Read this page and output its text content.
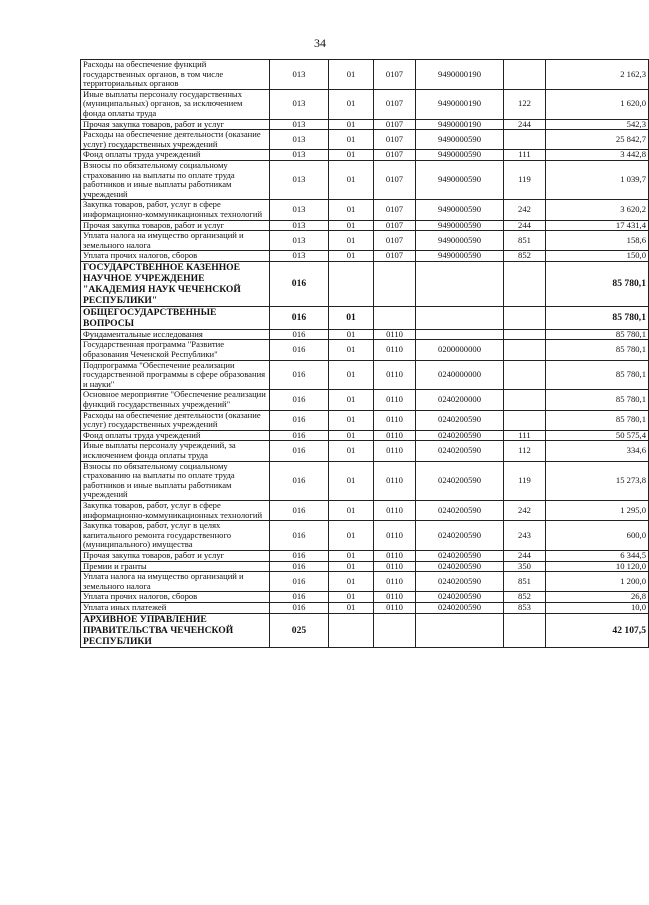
34
Расходы на обеспечение функций государственных органов, в том числе территориальных органов	013	01	0107	9490000190		2 162,3
Иные выплаты персоналу государственных (муниципальных) органов, за исключением фонда оплаты труда	013	01	0107	9490000190	122	1 620,0
Прочая закупка товаров, работ и услуг	013	01	0107	9490000190	244	542,3
Расходы на обеспечение деятельности (оказание услуг) государственных учреждений	013	01	0107	9490000590		25 842,7
Фонд оплаты труда учреждений	013	01	0107	9490000590	111	3 442,8
Взносы по обязательному социальному страхованию на выплаты по оплате труда работников и иные выплаты работникам учреждений	013	01	0107	9490000590	119	1 039,7
Закупка товаров, работ, услуг в сфере информационно-коммуникационных технологий	013	01	0107	9490000590	242	3 620,2
Прочая закупка товаров, работ и услуг	013	01	0107	9490000590	244	17 431,4
Уплата налога на имущество организаций и земельного налога	013	01	0107	9490000590	851	158,6
Уплата прочих налогов, сборов	013	01	0107	9490000590	852	150,0
ГОСУДАРСТВЕННОЕ КАЗЕННОЕ НАУЧНОЕ УЧРЕЖДЕНИЕ "АКАДЕМИЯ НАУК ЧЕЧЕНСКОЙ РЕСПУБЛИКИ"	016					85 780,1
ОБЩЕГОСУДАРСТВЕННЫЕ ВОПРОСЫ	016	01				85 780,1
Фундаментальные исследования	016	01	0110			85 780,1
Государственная программа "Развитие образования Чеченской Республики"	016	01	0110	0200000000		85 780,1
Подпрограмма "Обеспечение реализации государственной программы в сфере образования и науки"	016	01	0110	0240000000		85 780,1
Основное мероприятие "Обеспечение реализации функций государственных учреждений"	016	01	0110	0240200000		85 780,1
Расходы на обеспечение деятельности (оказание услуг) государственных учреждений	016	01	0110	0240200590		85 780,1
Фонд оплаты труда учреждений	016	01	0110	0240200590	111	50 575,4
Иные выплаты персоналу учреждений, за исключением фонда оплаты труда	016	01	0110	0240200590	112	334,6
Взносы по обязательному социальному страхованию на выплаты по оплате труда работников и иные выплаты работникам учреждений	016	01	0110	0240200590	119	15 273,8
Закупка товаров, работ, услуг в сфере информационно-коммуникационных технологий	016	01	0110	0240200590	242	1 295,0
Закупка товаров, работ, услуг в целях капитального ремонта государственного (муниципального) имущества	016	01	0110	0240200590	243	600,0
Прочая закупка товаров, работ и услуг	016	01	0110	0240200590	244	6 344,5
Премии и гранты	016	01	0110	0240200590	350	10 120,0
Уплата налога на имущество организаций и земельного налога	016	01	0110	0240200590	851	1 200,0
Уплата прочих налогов, сборов	016	01	0110	0240200590	852	26,8
Уплата иных платежей	016	01	0110	0240200590	853	10,0
АРХИВНОЕ УПРАВЛЕНИЕ ПРАВИТЕЛЬСТВА ЧЕЧЕНСКОЙ РЕСПУБЛИКИ	025					42 107,5
